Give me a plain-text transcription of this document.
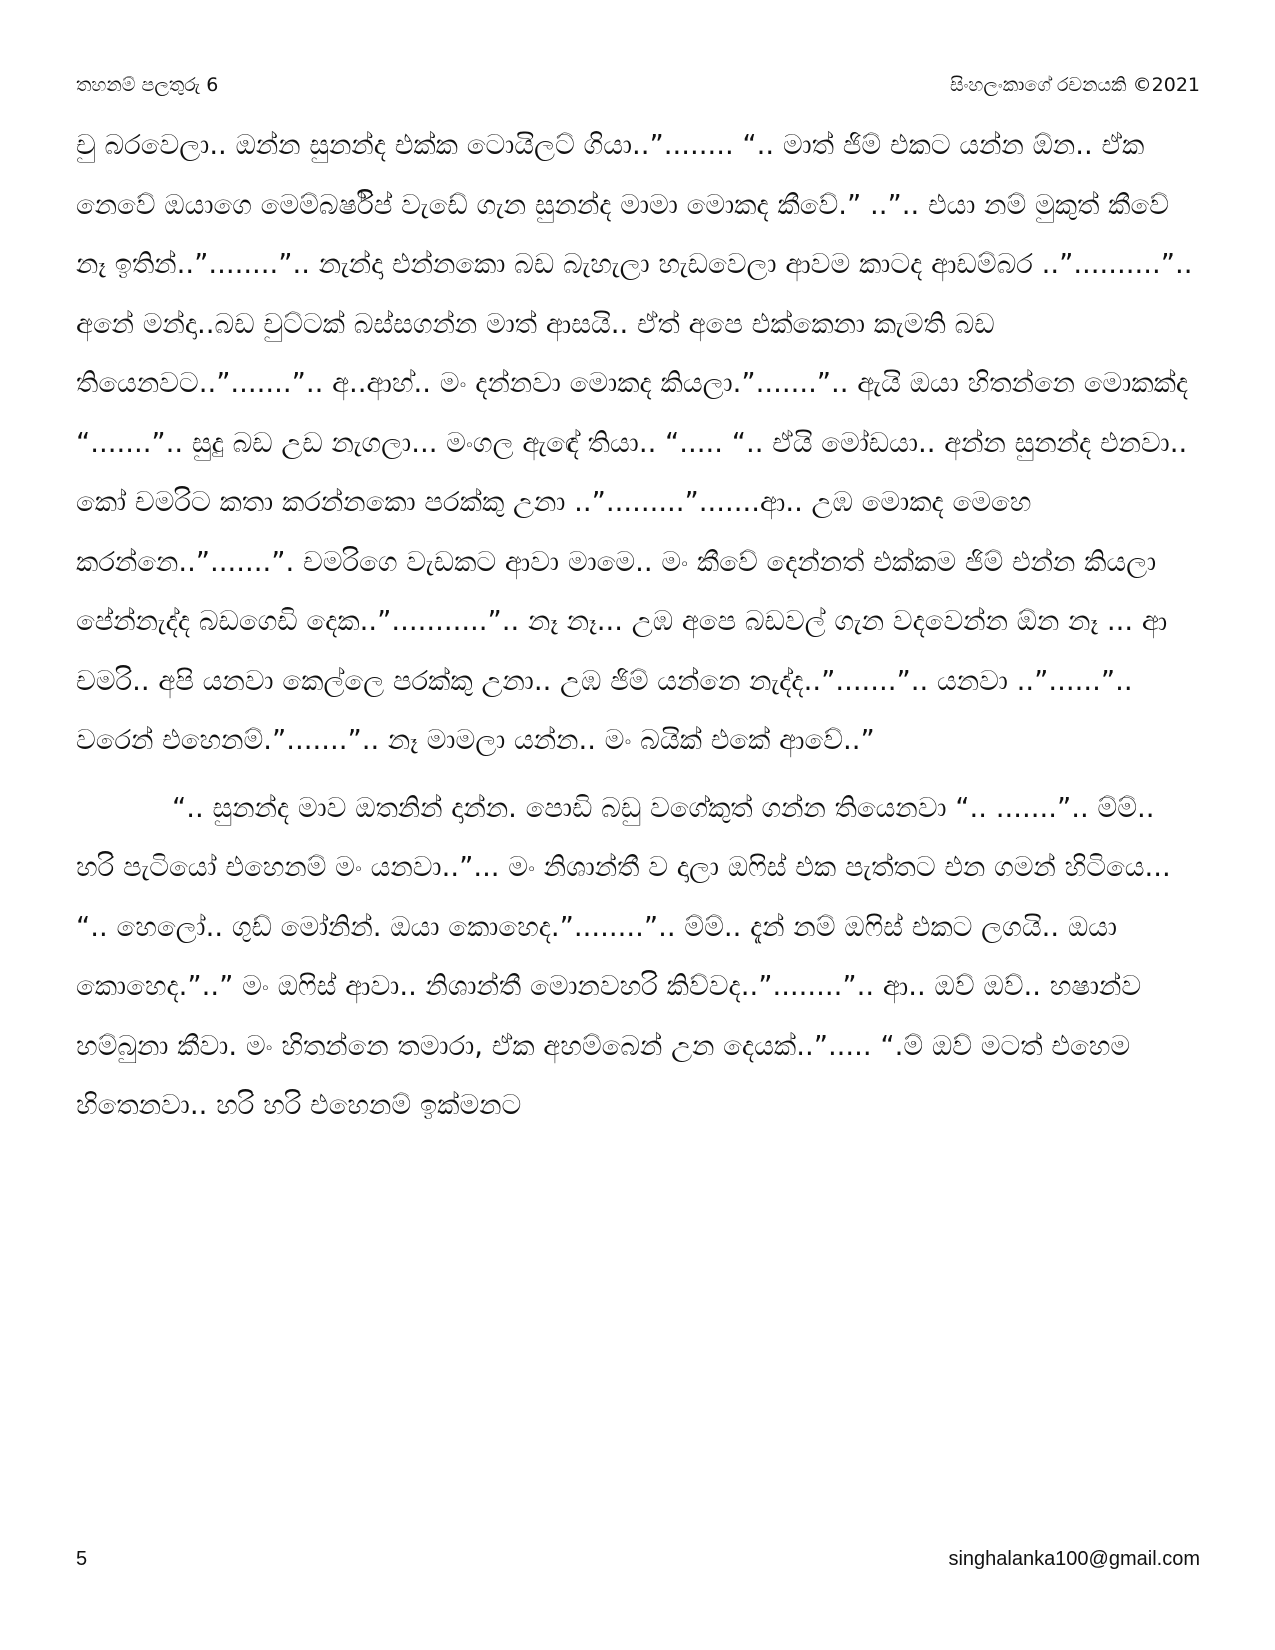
තහනම් පලතුරු 6	සිංහලංකාගේ රචනයකි ©2021

චු බරවෙලා.. ඔන්න සුනන්ද එක්ක ටොයිලට් ගියා..”........ “.. මාත් ජිම් එකට යන්න ඕන.. ඒක නෙවේ ඔයාගෙ මෙම්බර්ෂිප් වැඩේ ගැන සුනන්ද මාමා මොකද කීවේ.” ..”.. එයා නම් මුකුත් කීවේ නෑ ඉතින්..”........”.. නැන්දා එන්නකො බඩ බැහැලා හැඩවෙලා ආවම කාටද ආඩම්බර ..”..........”.. අනේ මන්දා..බඩ චුට්ටක් බස්සගන්න මාත් ආසයි.. ඒත් අපෙ එක්කෙනා කැමති බඩ තියෙනවට..”.......”.. අ..ආහ්.. මං දන්නවා මොකද කියලා.”.......”.. ඇයි ඔයා හිතන්නෙ මොකක්ද “.......”.. සුදු බඩ උඩ නැගලා... මංගල ඇඳේ තියා.. “..... “.. ඒයි මෝඩයා.. අන්න සුනන්ද එනවා.. කෝ චමරිට කතා කරන්නකො පරක්කු උනා ..”.........”.......ආ.. උඹ මොකද මෙහෙ කරන්නෙ..”.......”. චමරිගෙ වැඩකට ආවා මාමෙ.. මං කීවේ දෙන්නත් එක්කම ජිම් එන්න කියලා පේන්නැද්ද බඩගෙඩි දෙක..”...........”.. නෑ නෑ... උඹ අපෙ බඩවල් ගැන වදවෙන්න ඕන නෑ ... ආ චමරි.. අපි යනවා කෙල්ලෙ පරක්කු උනා.. උඹ ජිම් යන්නෙ නැද්ද..”.......”.. යනවා ..”......”.. වරෙන් එහෙනම්.”.......”.. නෑ මාමලා යන්න.. මං බයික් එකේ ආවේ..”

“.. සුනන්ද මාව ඔතනින් දාන්න. පොඩි බඩු වගේකුත් ගන්න තියෙනවා “.. .......”.. ම්ම්.. හරි පැටියෝ එහෙනම් මං යනවා..”... මං නිශාන්තී ව දාලා ඔෆිස් එක පැත්තට එන ගමන් හිටියෙ... “.. හෙලෝ.. ගුඩ් මෝනින්. ඔයා කොහෙද.”........”.. ම්ම්.. දැන් නම් ඔෆිස් එකට ලගයි.. ඔයා කොහෙද.”..” මං ඔෆිස් ආවා.. නිශාන්තී මොනවහරි කිව්වද..”........”.. ආ.. ඔව් ඔව්.. හෂාන්ව හම්බුනා කීවා. මං හිතන්නෙ තමාරා, ඒක අහම්බෙන් උන දෙයක්..”..... “.ම් ඔව් මටත් එහෙම හිතෙනවා.. හරි හරි එහෙනම් ඉක්මනට

5	singhalanka100@gmail.com
